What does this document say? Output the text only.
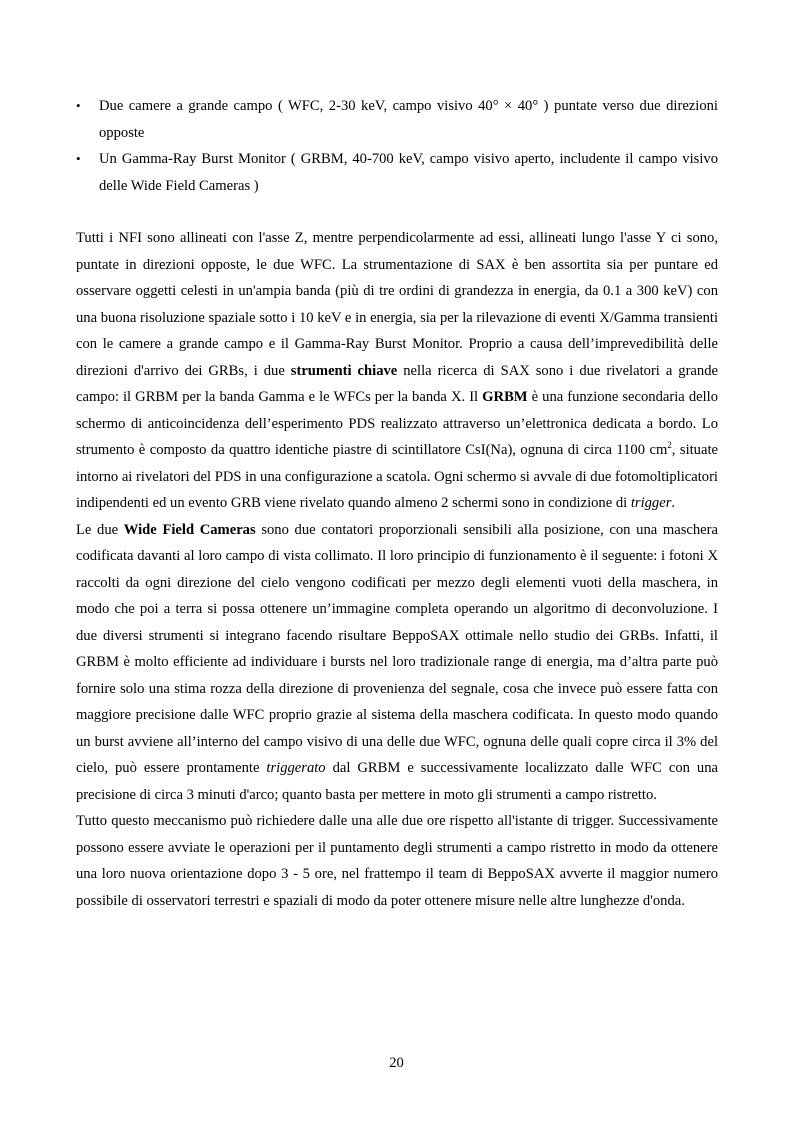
• Due camere a grande campo ( WFC, 2-30 keV, campo visivo 40° × 40° ) puntate verso due direzioni opposte
• Un Gamma-Ray Burst Monitor ( GRBM, 40-700 keV, campo visivo aperto, includente il campo visivo delle Wide Field Cameras )

Tutti i NFI sono allineati con l'asse Z, mentre perpendicolarmente ad essi, allineati lungo l'asse Y ci sono, puntate in direzioni opposte, le due WFC. La strumentazione di SAX è ben assortita sia per puntare ed osservare oggetti celesti in un'ampia banda (più di tre ordini di grandezza in energia, da 0.1 a 300 keV) con una buona risoluzione spaziale sotto i 10 keV e in energia, sia per la rilevazione di eventi X/Gamma transienti con le camere a grande campo e il Gamma-Ray Burst Monitor. Proprio a causa dell’imprevedibilità delle direzioni d'arrivo dei GRBs, i due strumenti chiave nella ricerca di SAX sono i due rivelatori a grande campo: il GRBM per la banda Gamma e le WFCs per la banda X. Il GRBM è una funzione secondaria dello schermo di anticoincidenza dell’esperimento PDS realizzato attraverso un’elettronica dedicata a bordo. Lo strumento è composto da quattro identiche piastre di scintillatore CsI(Na), ognuna di circa 1100 $cm^2$, situate intorno ai rivelatori del PDS in una configurazione a scatola. Ogni schermo si avvale di due fotomoltiplicatori indipendenti ed un evento GRB viene rivelato quando almeno 2 schermi sono in condizione di trigger.

Le due Wide Field Cameras sono due contatori proporzionali sensibili alla posizione, con una maschera codificata davanti al loro campo di vista collimato. Il loro principio di funzionamento è il seguente: i fotoni X raccolti da ogni direzione del cielo vengono codificati per mezzo degli elementi vuoti della maschera, in modo che poi a terra si possa ottenere un’immagine completa operando un algoritmo di deconvoluzione. I due diversi strumenti si integrano facendo risultare BeppoSAX ottimale nello studio dei GRBs. Infatti, il GRBM è molto efficiente ad individuare i bursts nel loro tradizionale range di energia, ma d’altra parte può fornire solo una stima rozza della direzione di provenienza del segnale, cosa che invece può essere fatta con maggiore precisione dalle WFC proprio grazie al sistema della maschera codificata. In questo modo quando un burst avviene all’interno del campo visivo di una delle due WFC, ognuna delle quali copre circa il 3% del cielo, può essere prontamente triggerato dal GRBM e successivamente localizzato dalle WFC con una precisione di circa 3 minuti d'arco; quanto basta per mettere in moto gli strumenti a campo ristretto.

Tutto questo meccanismo può richiedere dalle una alle due ore rispetto all'istante di trigger. Successivamente possono essere avviate le operazioni per il puntamento degli strumenti a campo ristretto in modo da ottenere una loro nuova orientazione dopo 3 - 5 ore, nel frattempo il team di BeppoSAX avverte il maggior numero possibile di osservatori terrestri e spaziali di modo da poter ottenere misure nelle altre lunghezze d'onda.

20
